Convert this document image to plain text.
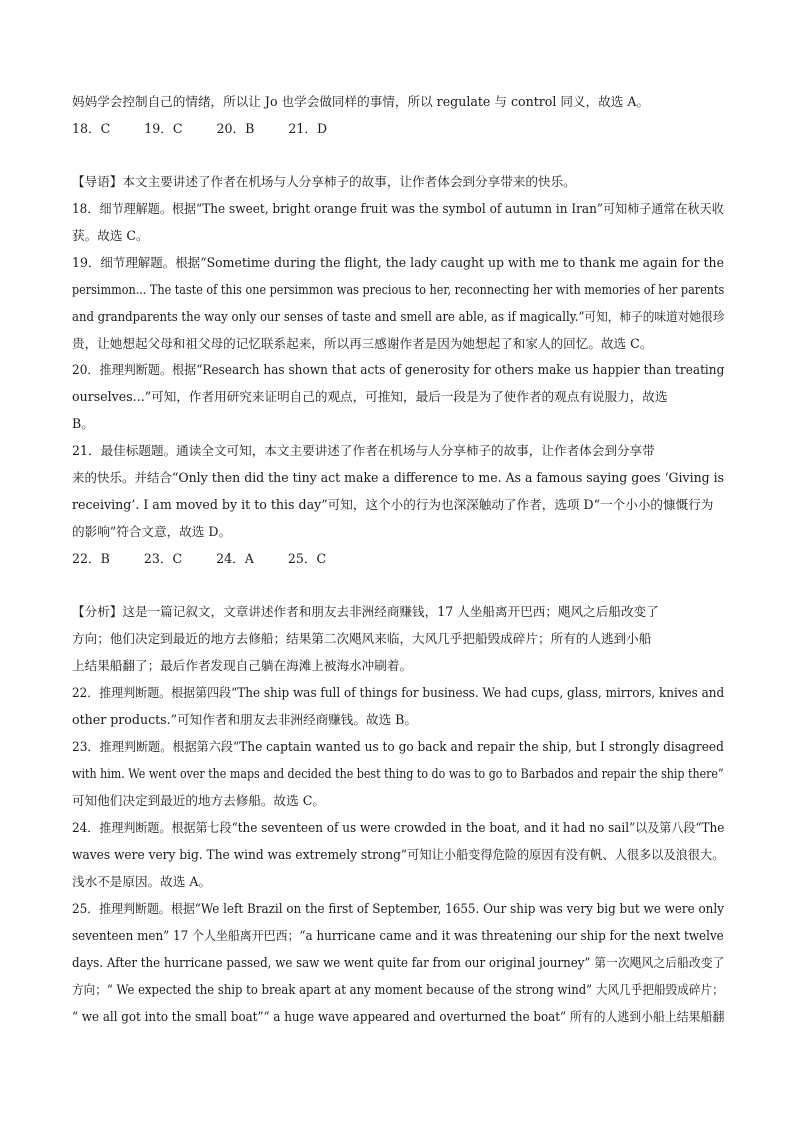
妈妈学会控制自己的情绪，所以让 Jo 也学会做同样的事情，所以 regulate 与 control 同义，故选 A。
18．C	19．C	20．B	21．D
【导语】本文主要讲述了作者在机场与人分享柿子的故事，让作者体会到分享带来的快乐。
18．细节理解题。根据“The sweet, bright orange fruit was the symbol of autumn in Iran”可知柿子通常在秋天收
获。故选 C。
19．细节理解题。根据“Sometime during the flight, the lady caught up with me to thank me again for the
persimmon... The taste of this one persimmon was precious to her, reconnecting her with memories of her parents
and grandparents the way only our senses of taste and smell are able, as if magically.”可知，柿子的味道对她很珍
贵，让她想起父母和祖父母的记忆联系起来，所以再三感谢作者是因为她想起了和家人的回忆。故选 C。
20．推理判断题。根据“Research has shown that acts of generosity for others make us happier than treating
ourselves...”可知，作者用研究来证明自己的观点，可推知，最后一段是为了使作者的观点有说服力，故选
B。
21．最佳标题题。通读全文可知，本文主要讲述了作者在机场与人分享柿子的故事，让作者体会到分享带
来的快乐。并结合“Only then did the tiny act make a difference to me. As a famous saying goes ‘Giving is
receiving’. I am moved by it to this day”可知，这个小的行为也深深触动了作者，选项 D“一个小小的慷慨行为
的影响”符合文意，故选 D。
22．B	23．C	24．A	25．C
【分析】这是一篇记叙文，文章讲述作者和朋友去非洲经商赚钱，17 人坐船离开巴西；飓风之后船改变了
方向；他们决定到最近的地方去修船；结果第二次飓风来临，大风几乎把船毁成碎片；所有的人逃到小船
上结果船翻了；最后作者发现自己躺在海滩上被海水冲刷着。
22．推理判断题。根据第四段“The ship was full of things for business. We had cups, glass, mirrors, knives and
other products.”可知作者和朋友去非洲经商赚钱。故选 B。
23．推理判断题。根据第六段“The captain wanted us to go back and repair the ship, but I strongly disagreed
with him. We went over the maps and decided the best thing to do was to go to Barbados and repair the ship there”
可知他们决定到最近的地方去修船。故选 C。
24．推理判断题。根据第七段“the seventeen of us were crowded in the boat, and it had no sail”以及第八段“The
waves were very big. The wind was extremely strong”可知让小船变得危险的原因有没有帆、人很多以及浪很大。
浅水不是原因。故选 A。
25．推理判断题。根据“We left Brazil on the first of September, 1655. Our ship was very big but we were only
seventeen men” 17 个人坐船离开巴西；“a hurricane came and it was threatening our ship for the next twelve
days. After the hurricane passed, we saw we went quite far from our original journey” 第一次飓风之后船改变了
方向；“ We expected the ship to break apart at any moment because of the strong wind” 大风几乎把船毁成碎片；
“ we all got into the small boat”“ a huge wave appeared and overturned the boat” 所有的人逃到小船上结果船翻
